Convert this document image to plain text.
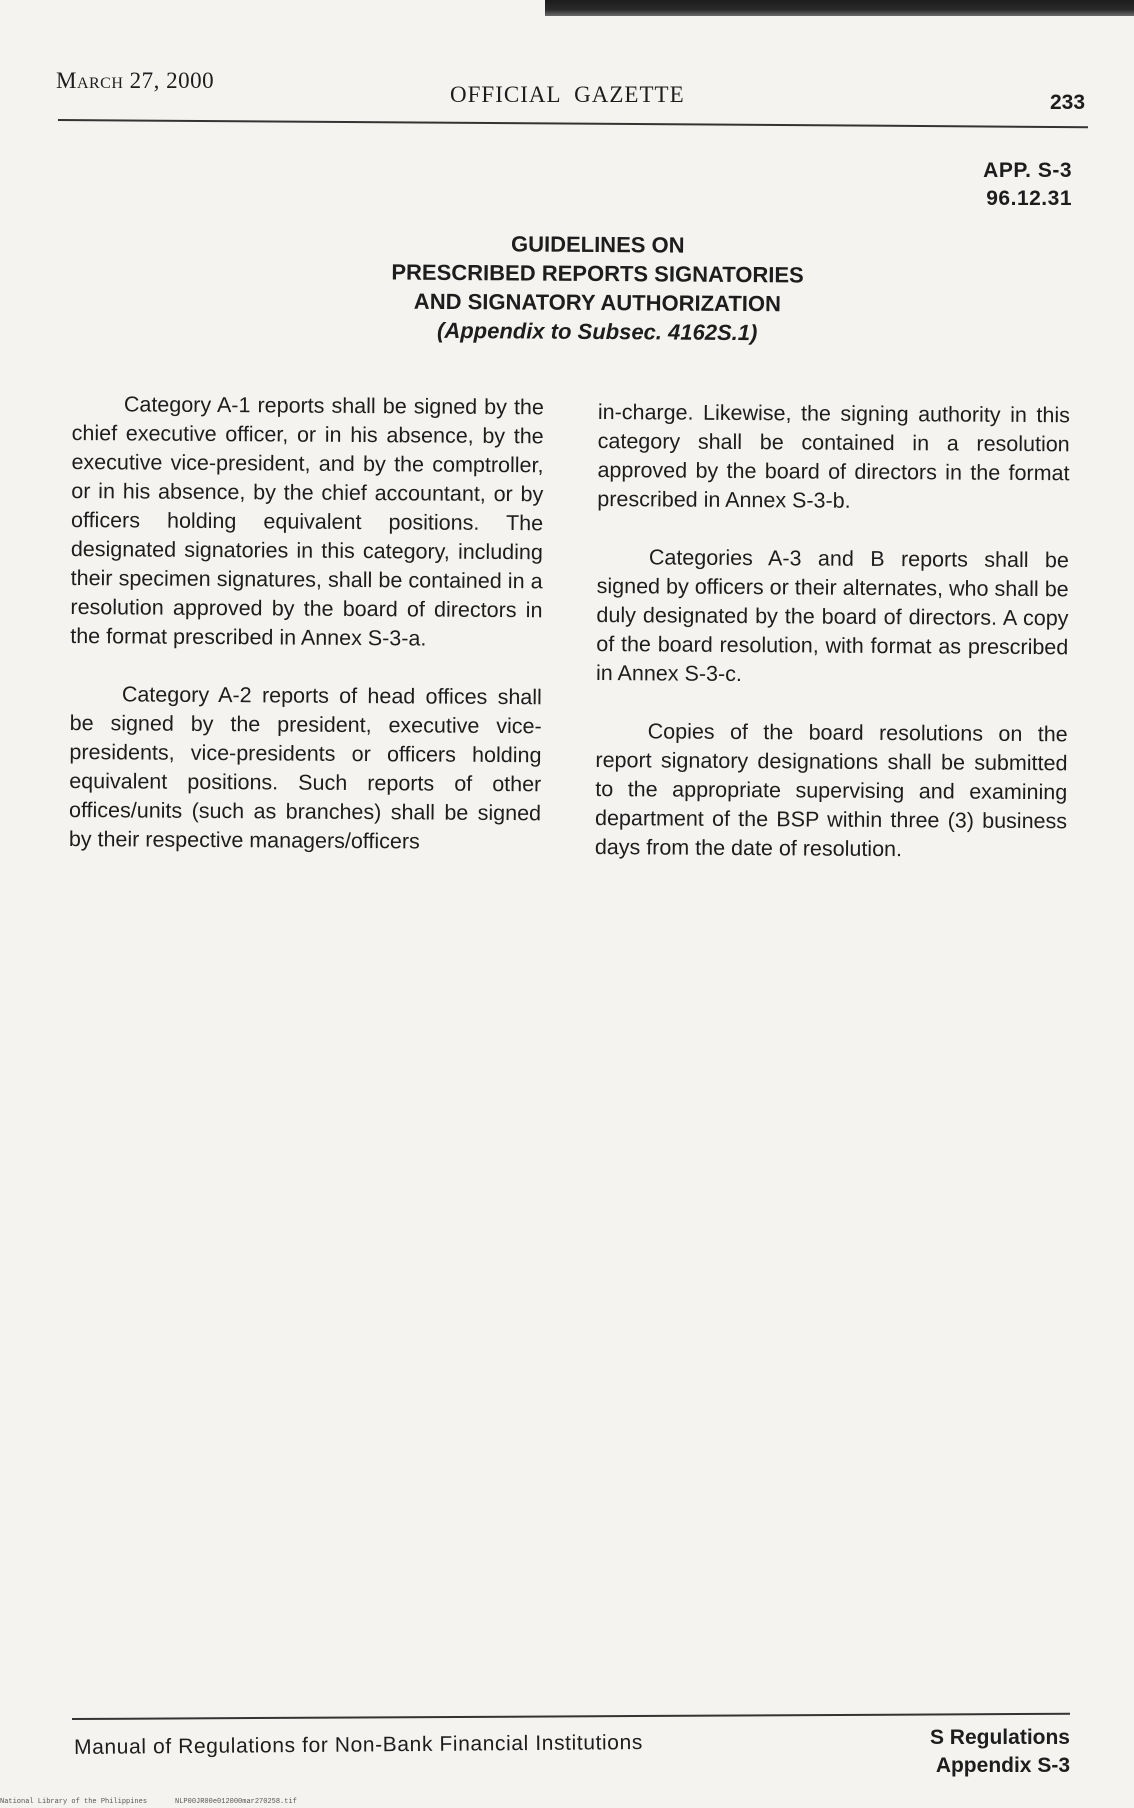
March 27, 2000
OFFICIAL  GAZETTE	233
APP. S-3
96.12.31
GUIDELINES ON
PRESCRIBED REPORTS SIGNATORIES
AND SIGNATORY AUTHORIZATION
(Appendix to Subsec. 4162S.1)

Category A-1 reports shall be signed by the chief executive officer, or in his absence, by the executive vice-president, and by the comptroller, or in his absence, by the chief accountant, or by officers holding equivalent positions. The designated signatories in this category, including their specimen signatures, shall be contained in a resolution approved by the board of directors in the format prescribed in Annex S-3-a.

Category A-2 reports of head offices shall be signed by the president, executive vice-presidents, vice-presidents or officers holding equivalent positions. Such reports of other offices/units (such as branches) shall be signed by their respective managers/officers

in-charge. Likewise, the signing authority in this category shall be contained in a resolution approved by the board of directors in the format prescribed in Annex S-3-b.

Categories A-3 and B reports shall be signed by officers or their alternates, who shall be duly designated by the board of directors. A copy of the board resolution, with format as prescribed in Annex S-3-c.

Copies of the board resolutions on the report signatory designations shall be submitted to the appropriate supervising and examining department of the BSP within three (3) business days from the date of resolution.

Manual of Regulations for Non-Bank Financial Institutions	S Regulations
Appendix S-3
National Library of the Philippines	NLP00JR00e012000mar270258.tif
